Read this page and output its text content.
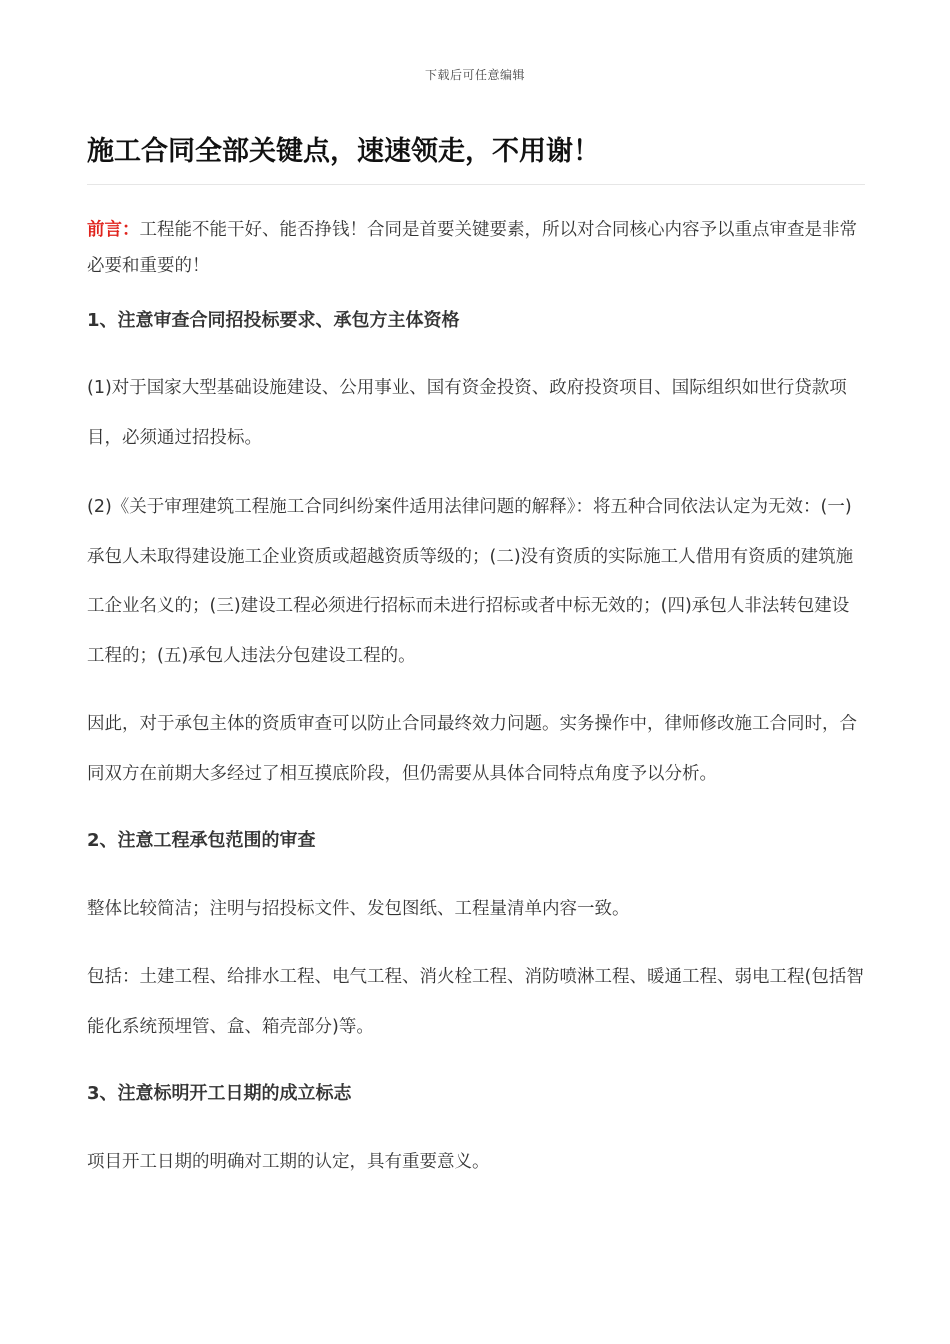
下载后可任意编辑
施工合同全部关键点，速速领走，不用谢！

前言：工程能不能干好、能否挣钱！合同是首要关键要素，所以对合同核心内容予以重点审查是非常必要和重要的！

1、注意审查合同招投标要求、承包方主体资格

(1)对于国家大型基础设施建设、公用事业、国有资金投资、政府投资项目、国际组织如世行贷款项目，必须通过招投标。

(2)《关于审理建筑工程施工合同纠纷案件适用法律问题的解释》：将五种合同依法认定为无效：(一)承包人未取得建设施工企业资质或超越资质等级的；(二)没有资质的实际施工人借用有资质的建筑施工企业名义的；(三)建设工程必须进行招标而未进行招标或者中标无效的；(四)承包人非法转包建设工程的；(五)承包人违法分包建设工程的。

因此，对于承包主体的资质审查可以防止合同最终效力问题。实务操作中，律师修改施工合同时，合同双方在前期大多经过了相互摸底阶段，但仍需要从具体合同特点角度予以分析。

2、注意工程承包范围的审查

整体比较简洁；注明与招投标文件、发包图纸、工程量清单内容一致。

包括：土建工程、给排水工程、电气工程、消火栓工程、消防喷淋工程、暖通工程、弱电工程(包括智能化系统预埋管、盒、箱壳部分)等。

3、注意标明开工日期的成立标志

项目开工日期的明确对工期的认定，具有重要意义。
